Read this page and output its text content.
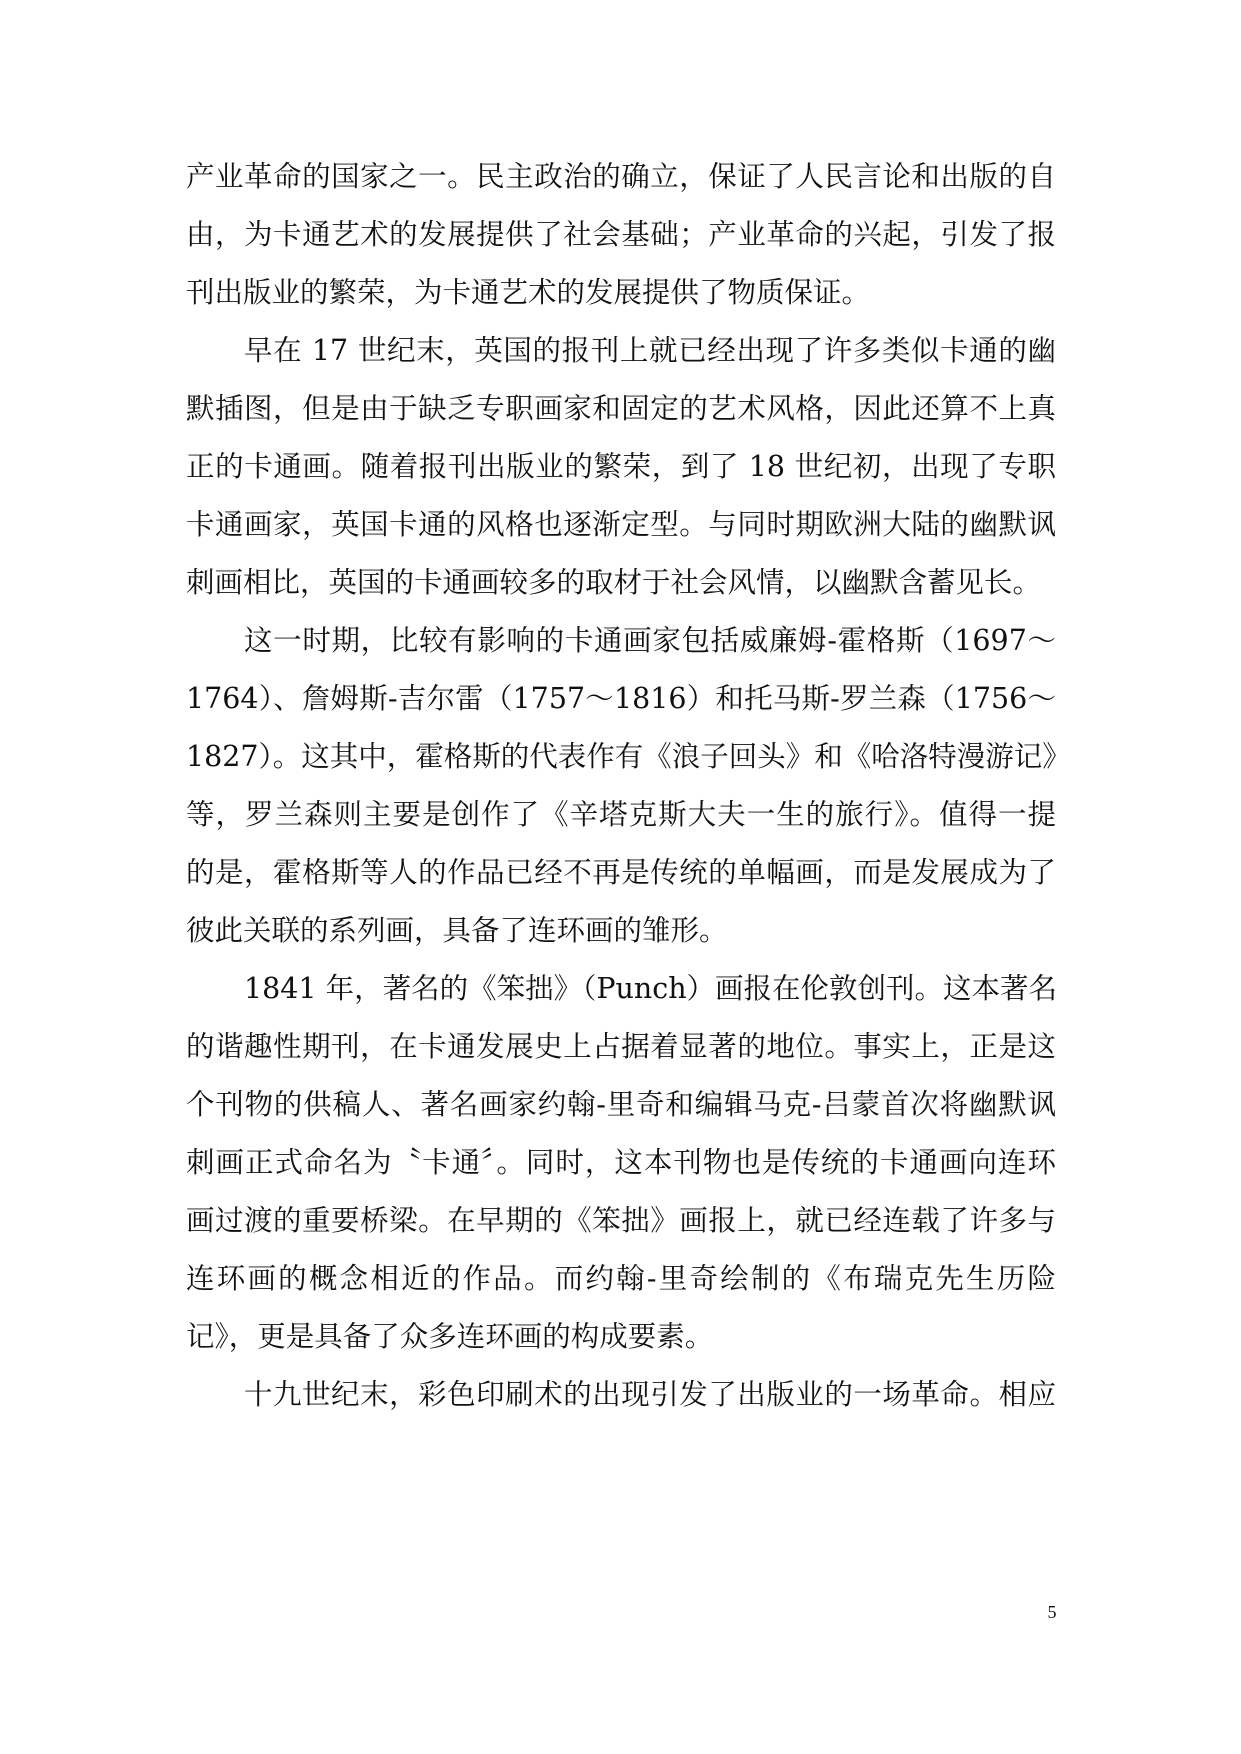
产业革命的国家之一。民主政治的确立，保证了人民言论和出版的自
由，为卡通艺术的发展提供了社会基础；产业革命的兴起，引发了报
刊出版业的繁荣，为卡通艺术的发展提供了物质保证。
早在 17 世纪末，英国的报刊上就已经出现了许多类似卡通的幽
默插图，但是由于缺乏专职画家和固定的艺术风格，因此还算不上真
正的卡通画。随着报刊出版业的繁荣，到了 18 世纪初，出现了专职
卡通画家，英国卡通的风格也逐渐定型。与同时期欧洲大陆的幽默讽
刺画相比，英国的卡通画较多的取材于社会风情，以幽默含蓄见长。
这一时期，比较有影响的卡通画家包括威廉姆-霍格斯（1697～
1764）、詹姆斯-吉尔雷（1757～1816）和托马斯-罗兰森（1756～
1827）。这其中，霍格斯的代表作有《浪子回头》和《哈洛特漫游记》
等，罗兰森则主要是创作了《辛塔克斯大夫一生的旅行》。值得一提
的是，霍格斯等人的作品已经不再是传统的单幅画，而是发展成为了
彼此关联的系列画，具备了连环画的雏形。
1841 年，著名的《笨拙》（Punch）画报在伦敦创刊。这本著名
的谐趣性期刊，在卡通发展史上占据着显著的地位。事实上，正是这
个刊物的供稿人、著名画家约翰-里奇和编辑马克-吕蒙首次将幽默讽
刺画正式命名为〝卡通〞。同时，这本刊物也是传统的卡通画向连环
画过渡的重要桥梁。在早期的《笨拙》画报上，就已经连载了许多与
连环画的概念相近的作品。而约翰-里奇绘制的《布瑞克先生历险
记》，更是具备了众多连环画的构成要素。
十九世纪末，彩色印刷术的出现引发了出版业的一场革命。相应
5
